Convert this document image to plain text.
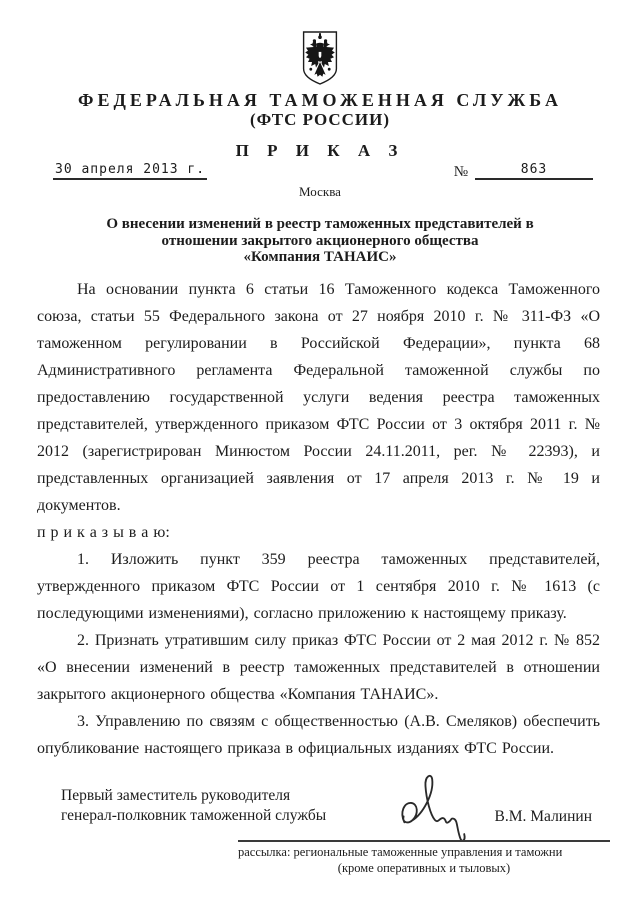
ФЕДЕРАЛЬНАЯ ТАМОЖЕННАЯ СЛУЖБА
(ФТС РОССИИ)
П Р И К А З
30 апреля 2013 г.	№	863
Москва
О внесении изменений в реестр таможенных представителей в
отношении закрытого акционерного общества
«Компания ТАНАИС»

На основании пункта 6 статьи 16 Таможенного кодекса Таможенного союза, статьи 55 Федерального закона от 27 ноября 2010 г. № 311-ФЗ «О таможенном регулировании в Российской Федерации», пункта 68 Административного регламента Федеральной таможенной службы по предоставлению государственной услуги ведения реестра таможенных представителей, утвержденного приказом ФТС России от 3 октября 2011 г. № 2012 (зарегистрирован Минюстом России 24.11.2011, рег. № 22393), и представленных организацией заявления от 17 апреля 2013 г. № 19 и документов.

п р и к а з ы в а ю:

1. Изложить пункт 359 реестра таможенных представителей, утвержденного приказом ФТС России от 1 сентября 2010 г. № 1613 (с последующими изменениями), согласно приложению к настоящему приказу.

2. Признать утратившим силу приказ ФТС России от 2 мая 2012 г. № 852 «О внесении изменений в реестр таможенных представителей в отношении закрытого акционерного общества «Компания ТАНАИС».

3. Управлению по связям с общественностью (А.В. Смеляков) обеспечить опубликование настоящего приказа в официальных изданиях ФТС России.

Первый заместитель руководителя
генерал-полковник таможенной службы	В.М. Малинин
рассылка: региональные таможенные управления и таможни
(кроме оперативных и тыловых)
